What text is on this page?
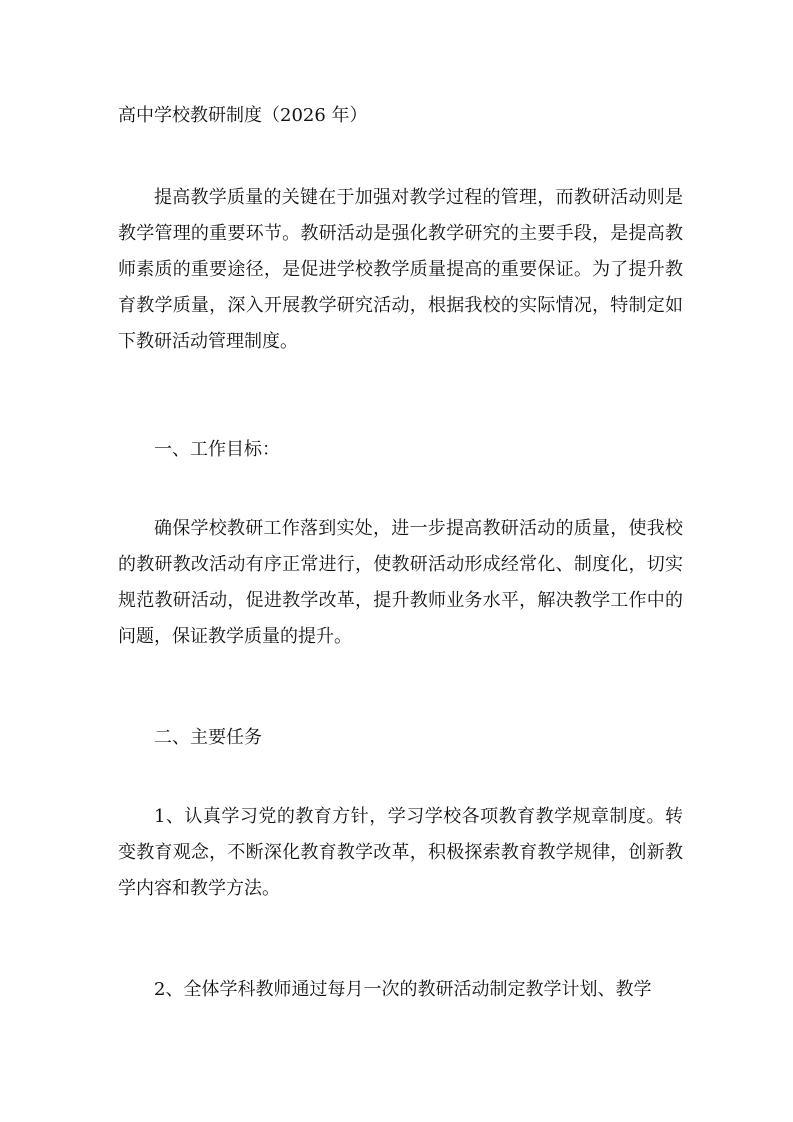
高中学校教研制度（2026 年）

提高教学质量的关键在于加强对教学过程的管理，而教研活动则是教学管理的重要环节。教研活动是强化教学研究的主要手段，是提高教师素质的重要途径，是促进学校教学质量提高的重要保证。为了提升教育教学质量，深入开展教学研究活动，根据我校的实际情况，特制定如下教研活动管理制度。

一、工作目标：

确保学校教研工作落到实处，进一步提高教研活动的质量，使我校的教研教改活动有序正常进行，使教研活动形成经常化、制度化，切实规范教研活动，促进教学改革，提升教师业务水平，解决教学工作中的问题，保证教学质量的提升。

二、主要任务

1、认真学习党的教育方针，学习学校各项教育教学规章制度。转变教育观念，不断深化教育教学改革，积极探索教育教学规律，创新教学内容和教学方法。

2、全体学科教师通过每月一次的教研活动制定教学计划、教学
